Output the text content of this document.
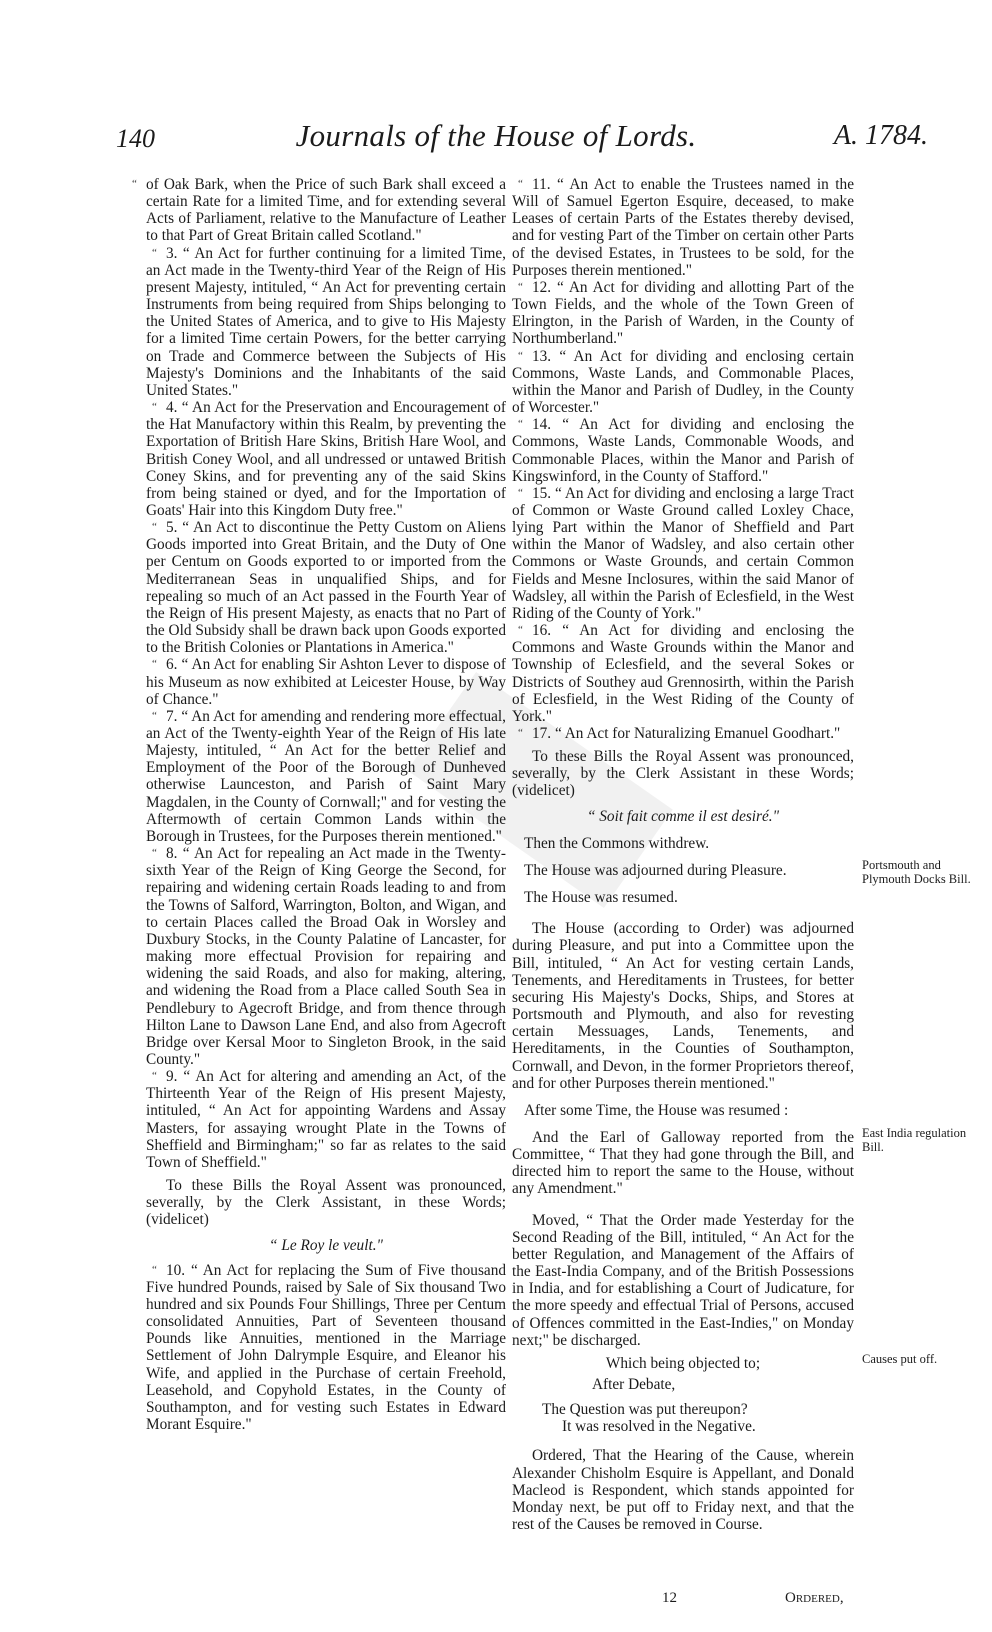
140	Journals of the House of Lords.	A. 1784.

“ of Oak Bark, when the Price of such Bark shall exceed a certain Rate for a limited Time, and for extending several Acts of Parliament, relative to the Manufacture of Leather to that Part of Great Britain called Scotland."

“ 3. “ An Act for further continuing for a limited Time, an Act made in the Twenty-third Year of the Reign of His present Majesty, intituled, “ An Act for preventing certain Instruments from being required from Ships belonging to the United States of America, and to give to His Majesty for a limited Time certain Powers, for the better carrying on Trade and Commerce between the Subjects of His Majesty's Dominions and the Inhabitants of the said United States."

“ 4. “ An Act for the Preservation and Encouragement of the Hat Manufactory within this Realm, by preventing the Exportation of British Hare Skins, British Hare Wool, and British Coney Wool, and all undressed or untawed British Coney Skins, and for preventing any of the said Skins from being stained or dyed, and for the Importation of Goats' Hair into this Kingdom Duty free."

“ 5. “ An Act to discontinue the Petty Custom on Aliens Goods imported into Great Britain, and the Duty of One per Centum on Goods exported to or imported from the Mediterranean Seas in unqualified Ships, and for repealing so much of an Act passed in the Fourth Year of the Reign of His present Majesty, as enacts that no Part of the Old Subsidy shall be drawn back upon Goods exported to the British Colonies or Plantations in America."

“ 6. “ An Act for enabling Sir Ashton Lever to dispose of his Museum as now exhibited at Leicester House, by Way of Chance."

“ 7. “ An Act for amending and rendering more effectual, an Act of the Twenty-eighth Year of the Reign of His late Majesty, intituled, “ An Act for the better Relief and Employment of the Poor of the Borough of Dunheved otherwise Launceston, and Parish of Saint Mary Magdalen, in the County of Cornwall;" and for vesting the Aftermowth of certain Common Lands within the Borough in Trustees, for the Purposes therein mentioned."

“ 8. “ An Act for repealing an Act made in the Twenty-sixth Year of the Reign of King George the Second, for repairing and widening certain Roads leading to and from the Towns of Salford, Warrington, Bolton, and Wigan, and to certain Places called the Broad Oak in Worsley and Duxbury Stocks, in the County Palatine of Lancaster, for making more effectual Provision for repairing and widening the said Roads, and also for making, altering, and widening the Road from a Place called South Sea in Pendlebury to Agecroft Bridge, and from thence through Hilton Lane to Dawson Lane End, and also from Agecroft Bridge over Kersal Moor to Singleton Brook, in the said County."

“ 9. “ An Act for altering and amending an Act, of the Thirteenth Year of the Reign of His present Majesty, intituled, “ An Act for appointing Wardens and Assay Masters, for assaying wrought Plate in the Towns of Sheffield and Birmingham;" so far as relates to the said Town of Sheffield."

To these Bills the Royal Assent was pronounced, severally, by the Clerk Assistant, in these Words; (videlicet)

“ Le Roy le veult."

“ 10. “ An Act for replacing the Sum of Five thousand Five hundred Pounds, raised by Sale of Six thousand Two hundred and six Pounds Four Shillings, Three per Centum consolidated Annuities, Part of Seventeen thousand Pounds like Annuities, mentioned in the Marriage Settlement of John Dalrymple Esquire, and Eleanor his Wife, and applied in the Purchase of certain Freehold, Leasehold, and Copyhold Estates, in the County of Southampton, and for vesting such Estates in Edward Morant Esquire."

“ 11. “ An Act to enable the Trustees named in the Will of Samuel Egerton Esquire, deceased, to make Leases of certain Parts of the Estates thereby devised, and for vesting Part of the Timber on certain other Parts of the devised Estates, in Trustees to be sold, for the Purposes therein mentioned."

“ 12. “ An Act for dividing and allotting Part of the Town Fields, and the whole of the Town Green of Elrington, in the Parish of Warden, in the County of Northumberland."

“ 13. “ An Act for dividing and enclosing certain Commons, Waste Lands, and Commonable Places, within the Manor and Parish of Dudley, in the County of Worcester."

“ 14. “ An Act for dividing and enclosing the Commons, Waste Lands, Commonable Woods, and Commonable Places, within the Manor and Parish of Kingswinford, in the County of Stafford."

“ 15. “ An Act for dividing and enclosing a large Tract of Common or Waste Ground called Loxley Chace, lying Part within the Manor of Sheffield and Part within the Manor of Wadsley, and also certain other Commons or Waste Grounds, and certain Common Fields and Mesne Inclosures, within the said Manor of Wadsley, all within the Parish of Eclesfield, in the West Riding of the County of York."

“ 16. “ An Act for dividing and enclosing the Commons and Waste Grounds within the Manor and Township of Eclesfield, and the several Sokes or Districts of Southey aud Grennosirth, within the Parish of Eclesfield, in the West Riding of the County of York."

“ 17. “ An Act for Naturalizing Emanuel Goodhart."

To these Bills the Royal Assent was pronounced, severally, by the Clerk Assistant in these Words; (videlicet)

“ Soit fait comme il est desiré."

Then the Commons withdrew.

The House was adjourned during Pleasure.

The House was resumed.

The House (according to Order) was adjourned during Pleasure, and put into a Committee upon the Bill, intituled, “ An Act for vesting certain Lands, Tenements, and Hereditaments in Trustees, for better securing His Majesty's Docks, Ships, and Stores at Portsmouth and Plymouth, and also for revesting certain Messuages, Lands, Tenements, and Hereditaments, in the Counties of Southampton, Cornwall, and Devon, in the former Proprietors thereof, and for other Purposes therein mentioned."

After some Time, the House was resumed :

And the Earl of Galloway reported from the Committee, “ That they had gone through the Bill, and directed him to report the same to the House, without any Amendment."

Moved, “ That the Order made Yesterday for the Second Reading of the Bill, intituled, “ An Act for the better Regulation, and Management of the Affairs of the East-India Company, and of the British Possessions in India, and for establishing a Court of Judicature, for the more speedy and effectual Trial of Persons, accused of Offences committed in the East-Indies," on Monday next;" be discharged.

Which being objected to;

After Debate,

The Question was put thereupon?

It was resolved in the Negative.

Ordered, That the Hearing of the Cause, wherein Alexander Chisholm Esquire is Appellant, and Donald Macleod is Respondent, which stands appointed for Monday next, be put off to Friday next, and that the rest of the Causes be removed in Course.

Portsmouth and Plymouth Docks Bill.
East India regulation Bill.
Causes put off.
12	Ordered,
